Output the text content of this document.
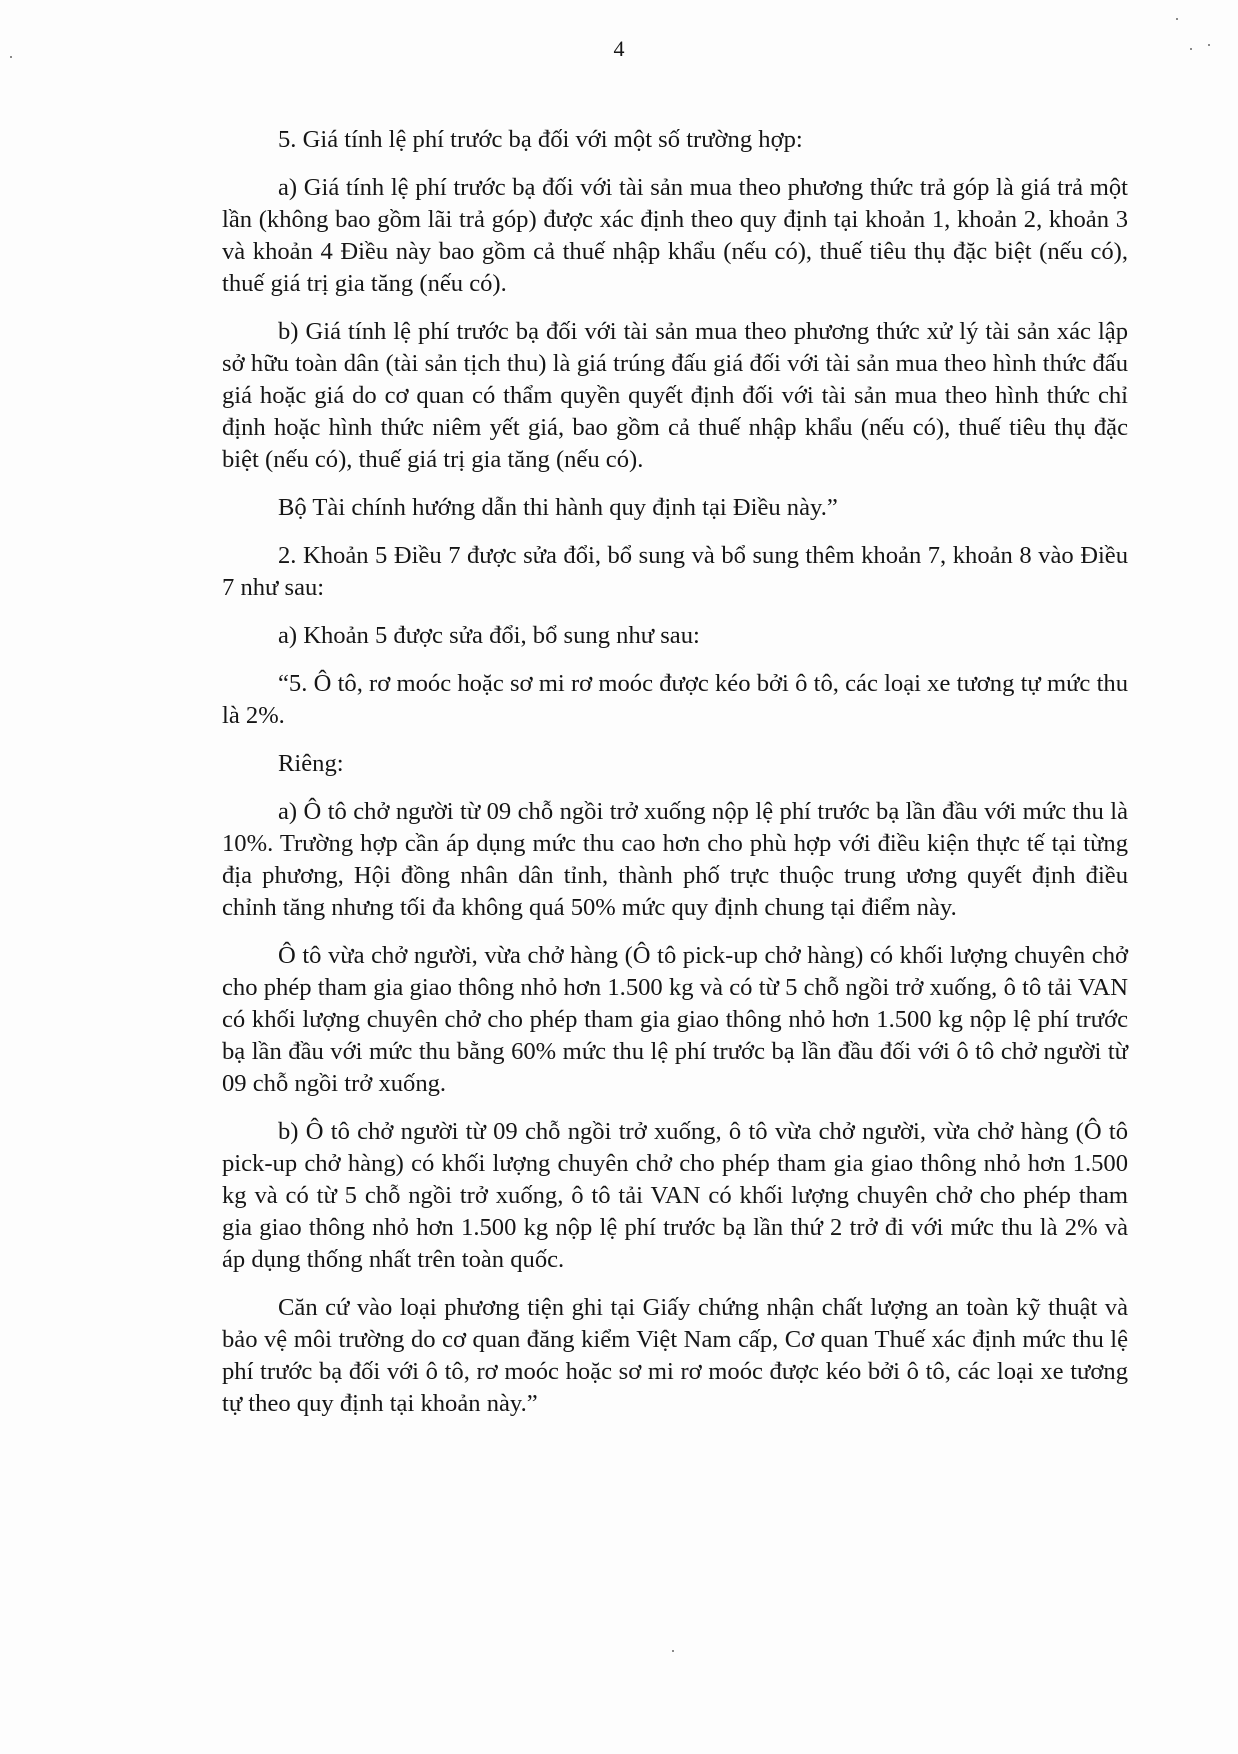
4

5. Giá tính lệ phí trước bạ đối với một số trường hợp:

a) Giá tính lệ phí trước bạ đối với tài sản mua theo phương thức trả góp là giá trả một lần (không bao gồm lãi trả góp) được xác định theo quy định tại khoản 1, khoản 2, khoản 3 và khoản 4 Điều này bao gồm cả thuế nhập khẩu (nếu có), thuế tiêu thụ đặc biệt (nếu có), thuế giá trị gia tăng (nếu có).

b) Giá tính lệ phí trước bạ đối với tài sản mua theo phương thức xử lý tài sản xác lập sở hữu toàn dân (tài sản tịch thu) là giá trúng đấu giá đối với tài sản mua theo hình thức đấu giá hoặc giá do cơ quan có thẩm quyền quyết định đối với tài sản mua theo hình thức chỉ định hoặc hình thức niêm yết giá, bao gồm cả thuế nhập khẩu (nếu có), thuế tiêu thụ đặc biệt (nếu có), thuế giá trị gia tăng (nếu có).

Bộ Tài chính hướng dẫn thi hành quy định tại Điều này.”

2. Khoản 5 Điều 7 được sửa đổi, bổ sung và bổ sung thêm khoản 7, khoản 8 vào Điều 7 như sau:

a) Khoản 5 được sửa đổi, bổ sung như sau:

“5. Ô tô, rơ moóc hoặc sơ mi rơ moóc được kéo bởi ô tô, các loại xe tương tự mức thu là 2%.

Riêng:

a) Ô tô chở người từ 09 chỗ ngồi trở xuống nộp lệ phí trước bạ lần đầu với mức thu là 10%. Trường hợp cần áp dụng mức thu cao hơn cho phù hợp với điều kiện thực tế tại từng địa phương, Hội đồng nhân dân tỉnh, thành phố trực thuộc trung ương quyết định điều chỉnh tăng nhưng tối đa không quá 50% mức quy định chung tại điểm này.

Ô tô vừa chở người, vừa chở hàng (Ô tô pick-up chở hàng) có khối lượng chuyên chở cho phép tham gia giao thông nhỏ hơn 1.500 kg và có từ 5 chỗ ngồi trở xuống, ô tô tải VAN có khối lượng chuyên chở cho phép tham gia giao thông nhỏ hơn 1.500 kg nộp lệ phí trước bạ lần đầu với mức thu bằng 60% mức thu lệ phí trước bạ lần đầu đối với ô tô chở người từ 09 chỗ ngồi trở xuống.

b) Ô tô chở người từ 09 chỗ ngồi trở xuống, ô tô vừa chở người, vừa chở hàng (Ô tô pick-up chở hàng) có khối lượng chuyên chở cho phép tham gia giao thông nhỏ hơn 1.500 kg và có từ 5 chỗ ngồi trở xuống, ô tô tải VAN có khối lượng chuyên chở cho phép tham gia giao thông nhỏ hơn 1.500 kg nộp lệ phí trước bạ lần thứ 2 trở đi với mức thu là 2% và áp dụng thống nhất trên toàn quốc.

Căn cứ vào loại phương tiện ghi tại Giấy chứng nhận chất lượng an toàn kỹ thuật và bảo vệ môi trường do cơ quan đăng kiểm Việt Nam cấp, Cơ quan Thuế xác định mức thu lệ phí trước bạ đối với ô tô, rơ moóc hoặc sơ mi rơ moóc được kéo bởi ô tô, các loại xe tương tự theo quy định tại khoản này.”
